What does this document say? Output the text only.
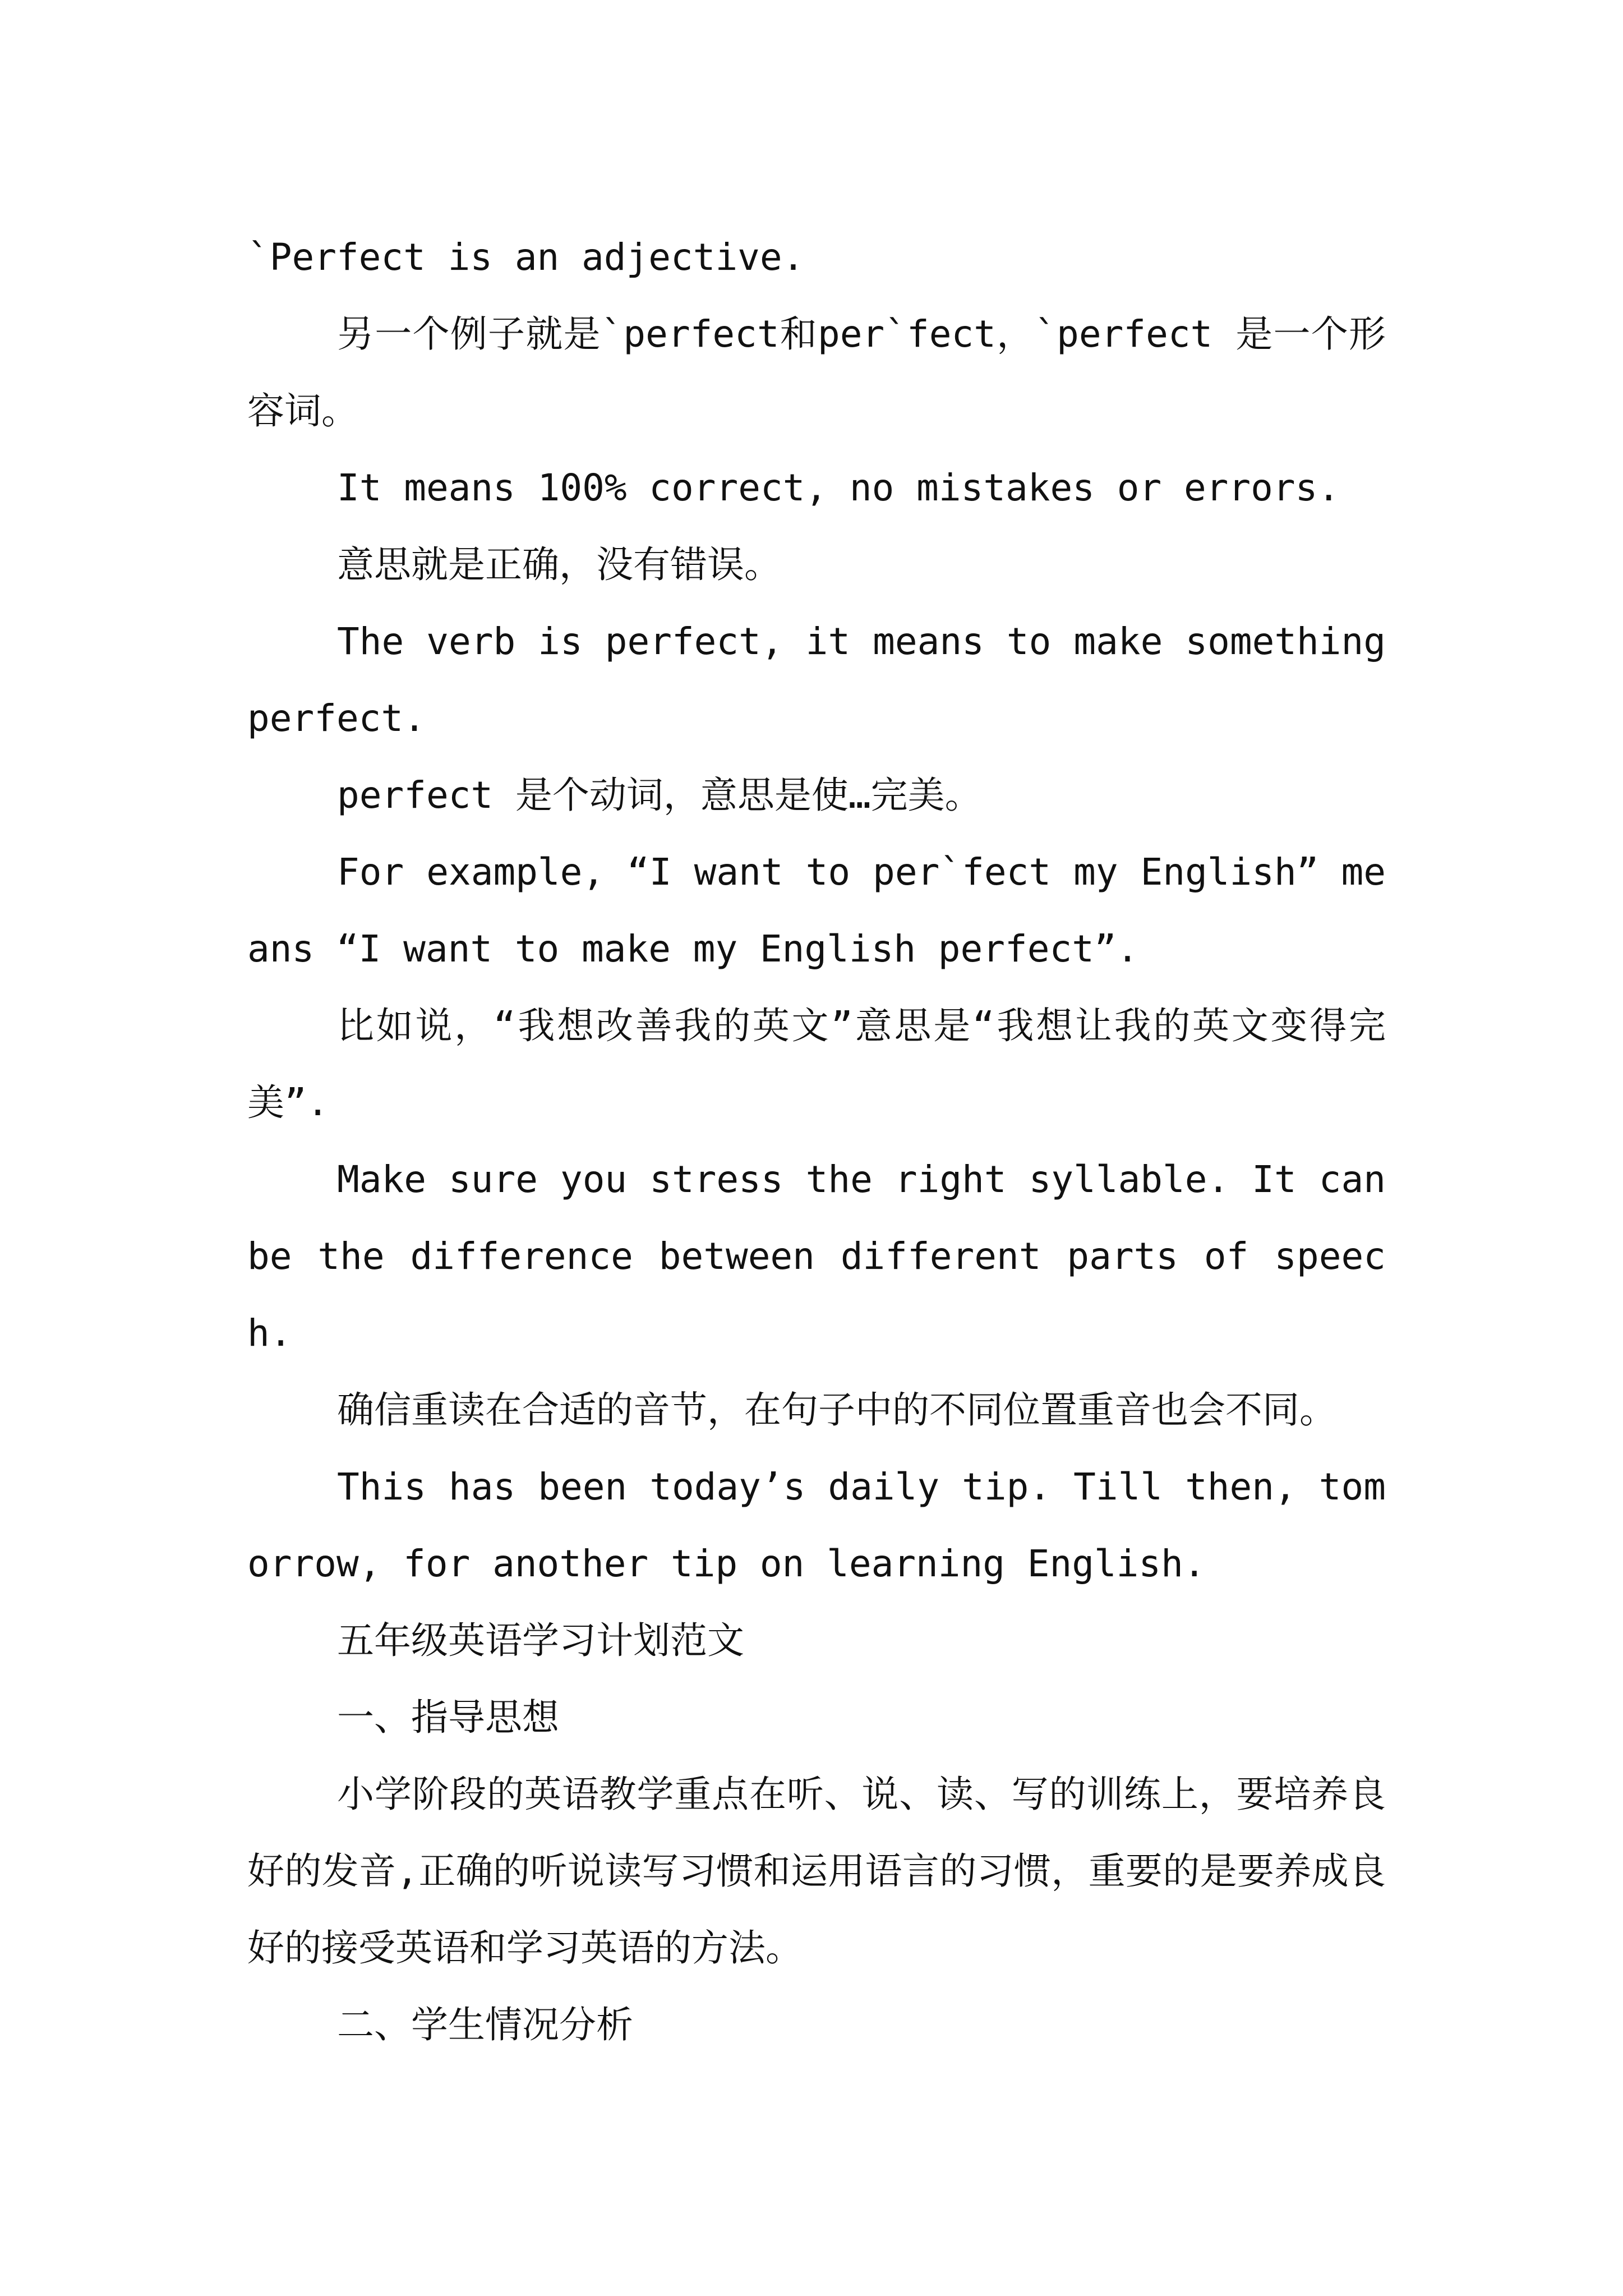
`Perfect is an adjective.

另一个例子就是`perfect和per`fect，`perfect 是一个形容词。

It means 100% correct, no mistakes or errors.

意思就是正确，没有错误。

The verb is perfect, it means to make something perfect.

perfect 是个动词，意思是使…完美。

For example, “I want to per`fect my English” means “I want to make my English perfect”.

比如说，“我想改善我的英文”意思是“我想让我的英文变得完美”.

Make sure you stress the right syllable. It can be the difference between different parts of speech.

确信重读在合适的音节，在句子中的不同位置重音也会不同。

This has been today’s daily tip. Till then, tomorrow, for another tip on learning English.

五年级英语学习计划范文

一、指导思想

小学阶段的英语教学重点在听、说、读、写的训练上，要培养良好的发音,正确的听说读写习惯和运用语言的习惯，重要的是要养成良好的接受英语和学习英语的方法。

二、学生情况分析
